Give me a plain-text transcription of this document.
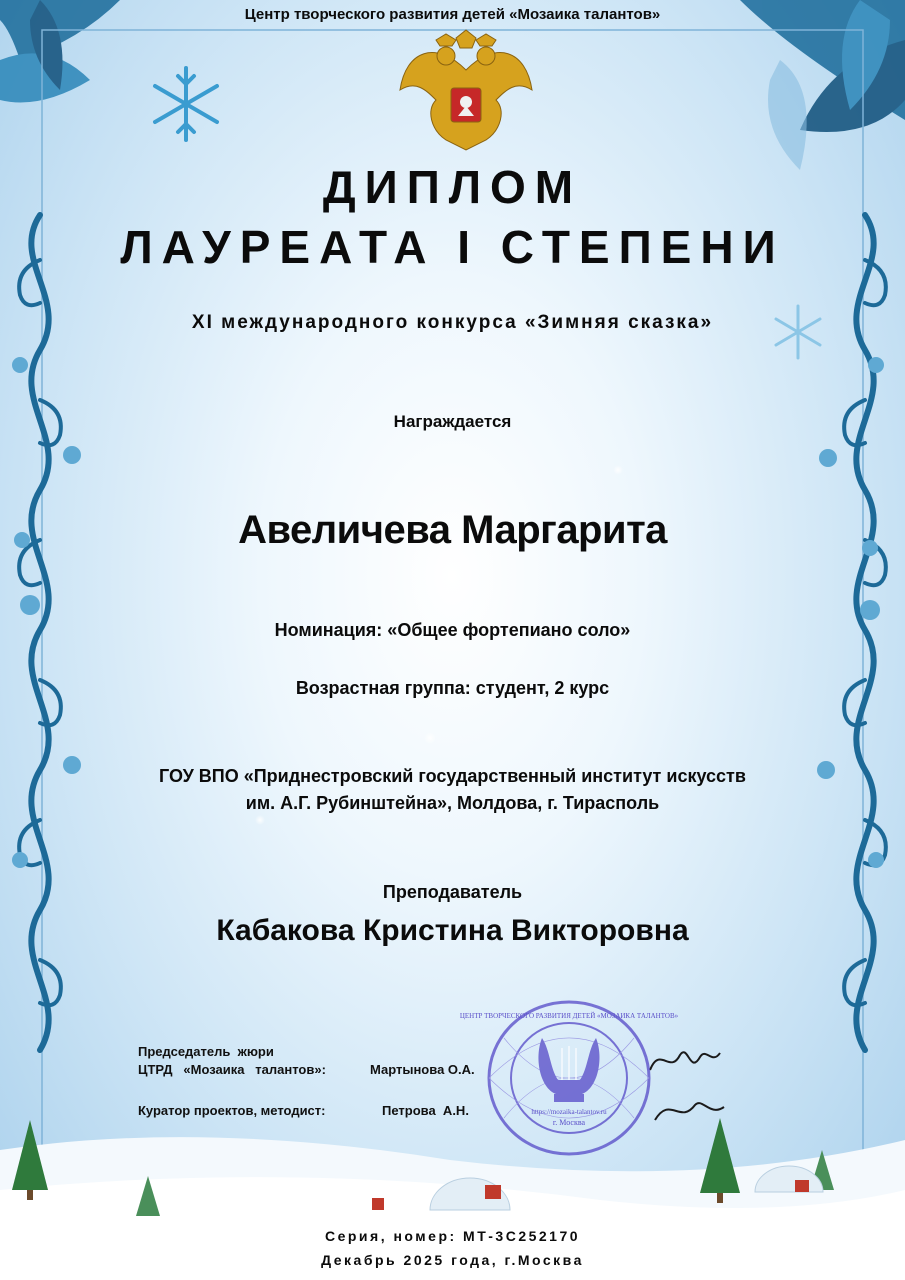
Центр творческого развития детей «Мозаика талантов»
ДИПЛОМ
ЛАУРЕАТА I СТЕПЕНИ
XI международного конкурса «Зимняя сказка»
Награждается
Авеличева Маргарита
Номинация: «Общее фортепиано соло»
Возрастная группа: студент, 2 курс
ГОУ ВПО «Приднестровский государственный институт искусств
им. А.Г. Рубинштейна», Молдова, г. Тирасполь
Преподаватель
Кабакова Кристина Викторовна
Председатель  жюри
ЦТРД   «Мозаика   талантов»:	Мартынова О.А.
Куратор проектов, методист:	Петрова  А.Н.
ЦЕНТР ТВОРЧЕСКОГО РАЗВИТИЯ ДЕТЕЙ «МОЗАИКА ТАЛАНТОВ»
https://mozaika-talantov.ru
г. Москва
Серия, номер: МТ-3С252170
Декабрь 2025 года, г.Москва
